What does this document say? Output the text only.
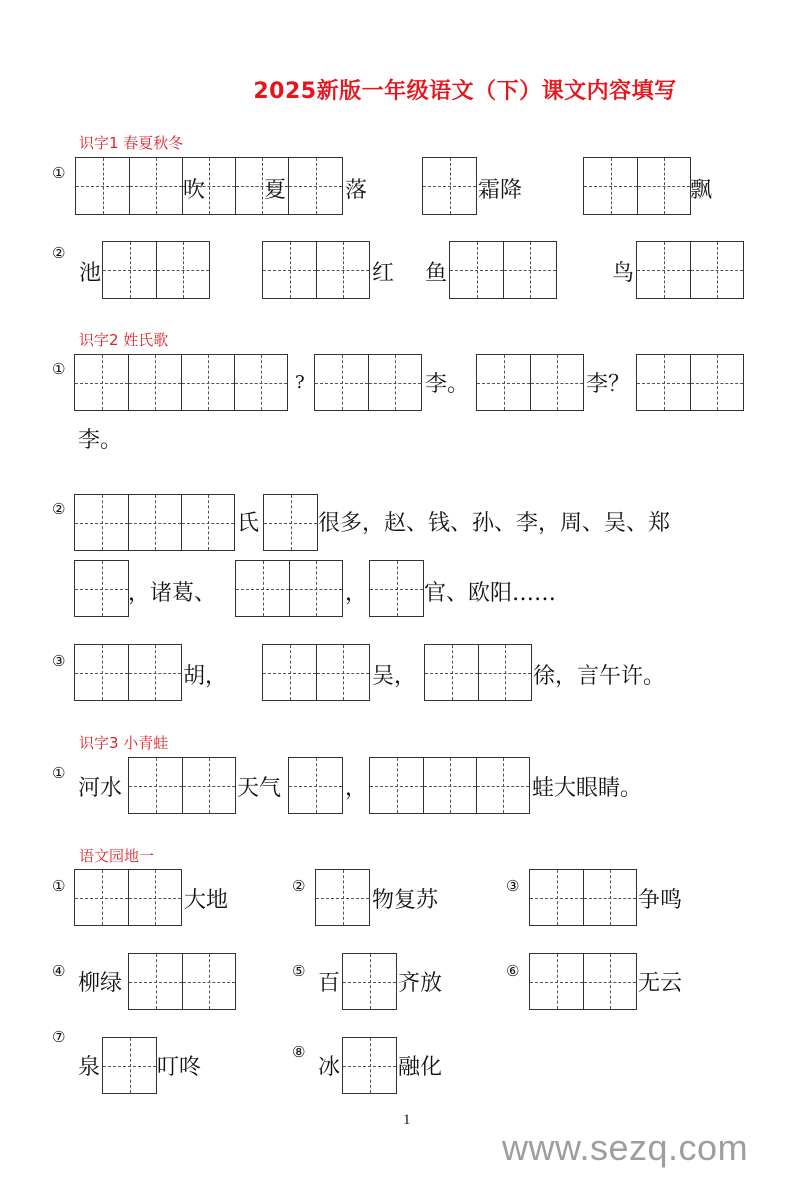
2025新版一年级语文（下）课文内容填写
识字1 春夏秋冬
①
吹	夏	落	霜降	飘
②
池	红 鱼	鸟
识字2 姓氏歌
①
?	李。	李？
李。
②
氏	很多，赵、钱、孙、李，周、吴、郑
，诸葛、	，	官、欧阳……
③
胡，	吴，	徐，言午许。
识字3 小青蛙
①
河水	天气	，	蛙大眼睛。
语文园地一
①
大地
②
物复苏
③
争鸣
④ 柳绿	⑤ 百	齐放	⑥	无云
⑦
泉	叮咚
⑧
冰	融化
1
www.sezq.com
